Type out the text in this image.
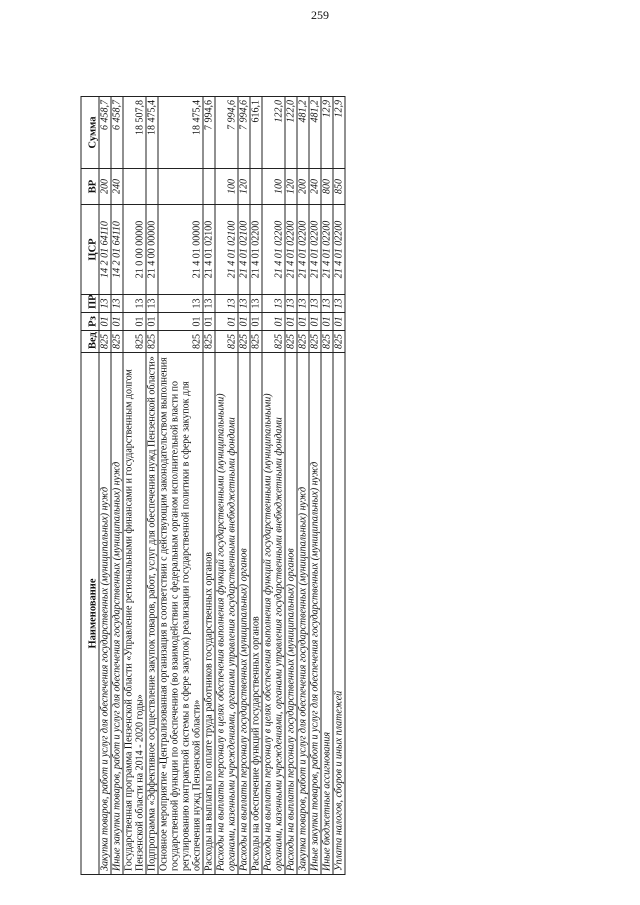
259
Наименование	Вед	Рз	ПР	ЦСР	ВР	Сумма
Закупка товаров, работ и услуг для обеспечения государственных (муниципальных) нужд	825	01	13	14 2 01 64110	200	6 458,7
Иные закупки товаров, работ и услуг для обеспечения государственных (муниципальных) нужд	825	01	13	14 2 01 64110	240	6 458,7
Государственная программа Пензенской области «Управление региональными финансами и государственным долгом Пензенской области на 2014 - 2020 годы»	825	01	13	21 0 00 00000		18 507,8
Подпрограмма «Эффективное осуществление закупок товаров, работ, услуг для обеспечения нужд Пензенской области»	825	01	13	21 4 00 00000		18 475,4
Основное мероприятие «Централизованная организация в соответствии с действующим законодательством выполнения государственной функции по обеспечению (во взаимодействии с федеральным органом исполнительной власти по регулированию контрактной системы в сфере закупок) реализации государственной политики в сфере закупок для обеспечения нужд Пензенской области»	825	01	13	21 4 01 00000		18 475,4
Расходы на выплаты по оплате труда работников государственных органов	825	01	13	21 4 01 02100		7 994,6
Расходы на выплаты персоналу в целях обеспечения выполнения функций государственными (муниципальными) органами, казенными учреждениями, органами управления государственными внебюджетными фондами	825	01	13	21 4 01 02100	100	7 994,6
Расходы на выплаты персоналу государственных (муниципальных) органов	825	01	13	21 4 01 02100	120	7 994,6
Расходы на обеспечение функций государственных органов	825	01	13	21 4 01 02200		616,1
Расходы на выплаты персоналу в целях обеспечения выполнения функций государственными (муниципальными) органами, казенными учреждениями, органами управления государственными внебюджетными фондами	825	01	13	21 4 01 02200	100	122,0
Расходы на выплаты персоналу государственных (муниципальных) органов	825	01	13	21 4 01 02200	120	122,0
Закупка товаров, работ и услуг для обеспечения государственных (муниципальных) нужд	825	01	13	21 4 01 02200	200	481,2
Иные закупки товаров, работ и услуг для обеспечения государственных (муниципальных) нужд	825	01	13	21 4 01 02200	240	481,2
Иные бюджетные ассигнования	825	01	13	21 4 01 02200	800	12,9
Уплата налогов, сборов и иных платежей	825	01	13	21 4 01 02200	850	12,9
